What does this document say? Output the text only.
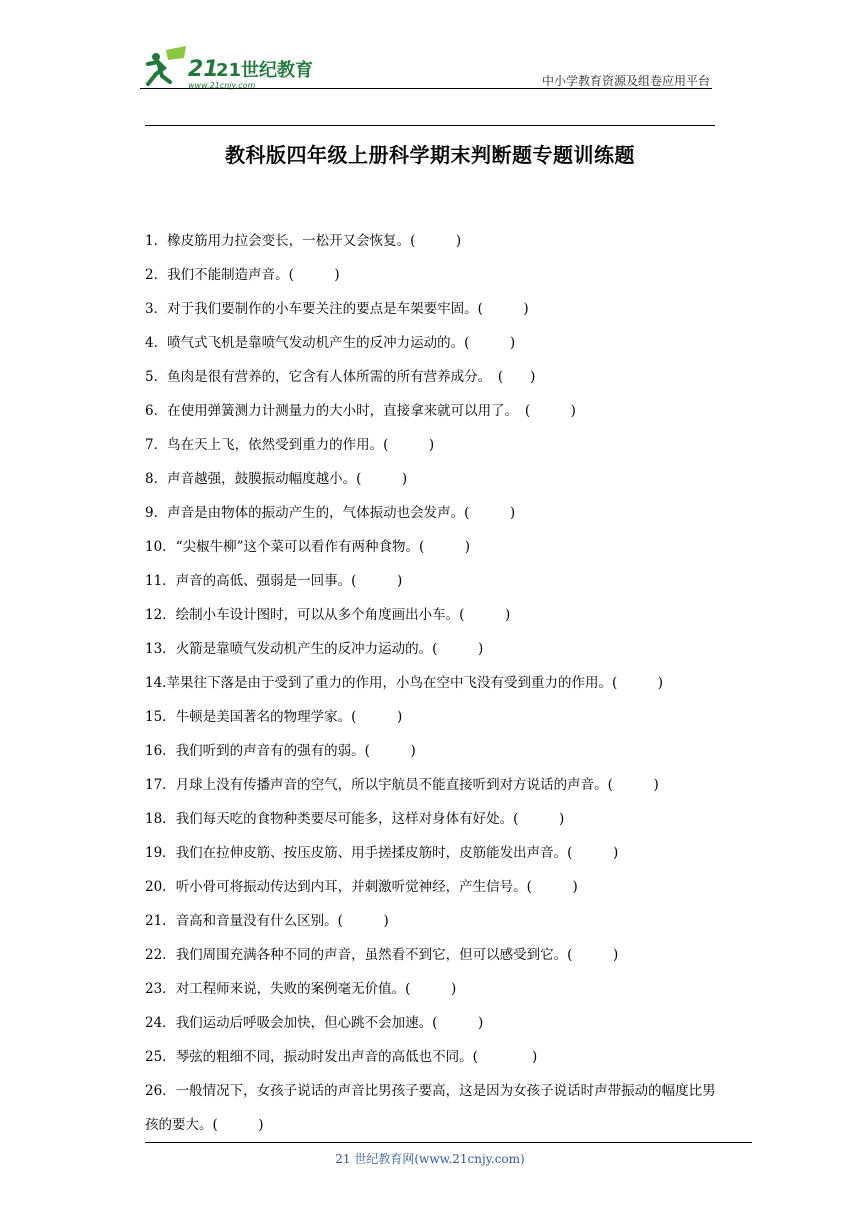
21
21世纪教育
www.21cnjy.com	中小学教育资源及组卷应用平台
教科版四年级上册科学期末判断题专题训练题
1．橡皮筋用力拉会变长，一松开又会恢复。(　　　)
2．我们不能制造声音。(　　　)
3．对于我们要制作的小车要关注的要点是车架要牢固。(　　　)
4．喷气式飞机是靠喷气发动机产生的反冲力运动的。(　　　)
5．鱼肉是很有营养的，它含有人体所需的所有营养成分。　(　　)
6．在使用弹簧测力计测量力的大小时，直接拿来就可以用了。　(　　　)
7．鸟在天上飞，依然受到重力的作用。(　　　)
8．声音越强，鼓膜振动幅度越小。(　　　)
9．声音是由物体的振动产生的，气体振动也会发声。(　　　)
10．“尖椒牛柳”这个菜可以看作有两种食物。(　　　)
11．声音的高低、强弱是一回事。(　　　)
12．绘制小车设计图时，可以从多个角度画出小车。(　　　)
13．火箭是靠喷气发动机产生的反冲力运动的。(　　　)
14.苹果往下落是由于受到了重力的作用，小鸟在空中飞没有受到重力的作用。(　　　)
15．牛顿是美国著名的物理学家。(　　　)
16．我们听到的声音有的强有的弱。(　　　)
17．月球上没有传播声音的空气，所以宇航员不能直接听到对方说话的声音。(　　　)
18．我们每天吃的食物种类要尽可能多，这样对身体有好处。(　　　)
19．我们在拉伸皮筋、按压皮筋、用手搓揉皮筋时，皮筋能发出声音。(　　　)
20．听小骨可将振动传达到内耳，并刺激听觉神经，产生信号。(　　　)
21．音高和音量没有什么区别。(　　　)
22．我们周围充满各种不同的声音，虽然看不到它，但可以感受到它。(　　　)
23．对工程师来说，失败的案例毫无价值。(　　　)
24．我们运动后呼吸会加快，但心跳不会加速。(　　　)
25．琴弦的粗细不同，振动时发出声音的高低也不同。(　　　　)
26．一般情况下，女孩子说话的声音比男孩子要高，这是因为女孩子说话时声带振动的幅度比男孩的要大。(　　　)
21 世纪教育网(www.21cnjy.com)
